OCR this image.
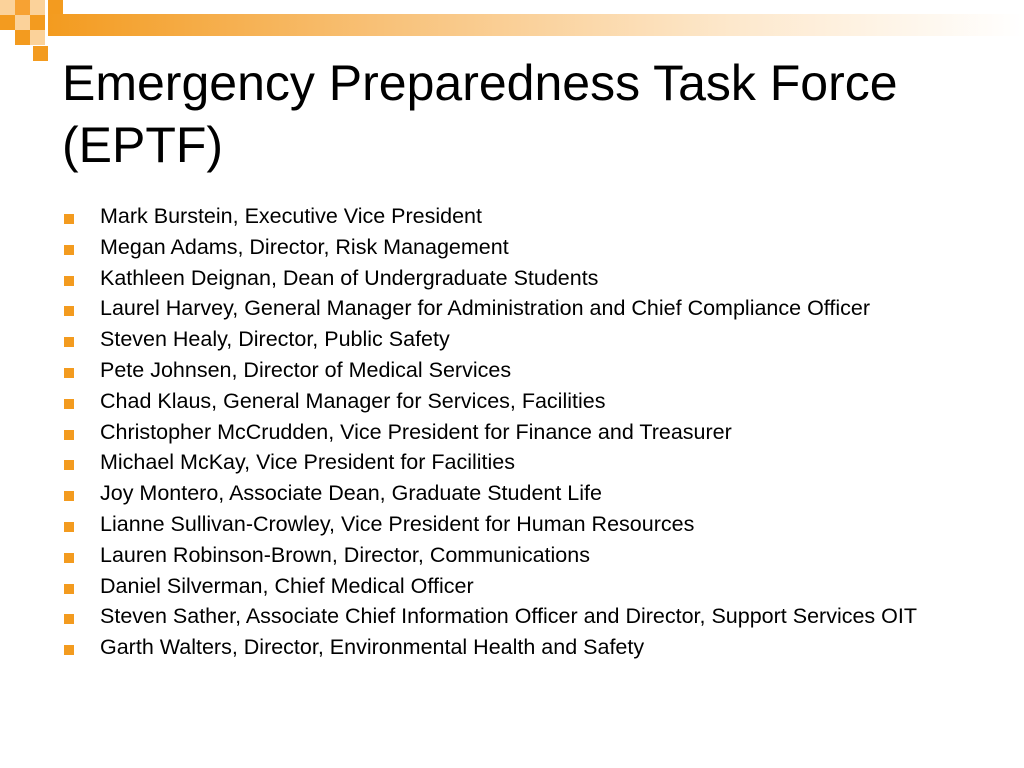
Emergency Preparedness Task Force (EPTF)
Mark Burstein, Executive Vice President
Megan Adams, Director, Risk Management
Kathleen Deignan, Dean of Undergraduate Students
Laurel Harvey, General Manager for Administration and Chief Compliance Officer
Steven Healy, Director, Public Safety
Pete Johnsen, Director of Medical Services
Chad Klaus, General Manager for Services, Facilities
Christopher McCrudden, Vice President for Finance and Treasurer
Michael McKay, Vice President for Facilities
Joy Montero, Associate Dean, Graduate Student Life
Lianne Sullivan-Crowley, Vice President for Human Resources
Lauren Robinson-Brown, Director, Communications
Daniel Silverman, Chief Medical Officer
Steven Sather, Associate Chief Information Officer and Director, Support Services OIT
Garth Walters, Director, Environmental Health and Safety
